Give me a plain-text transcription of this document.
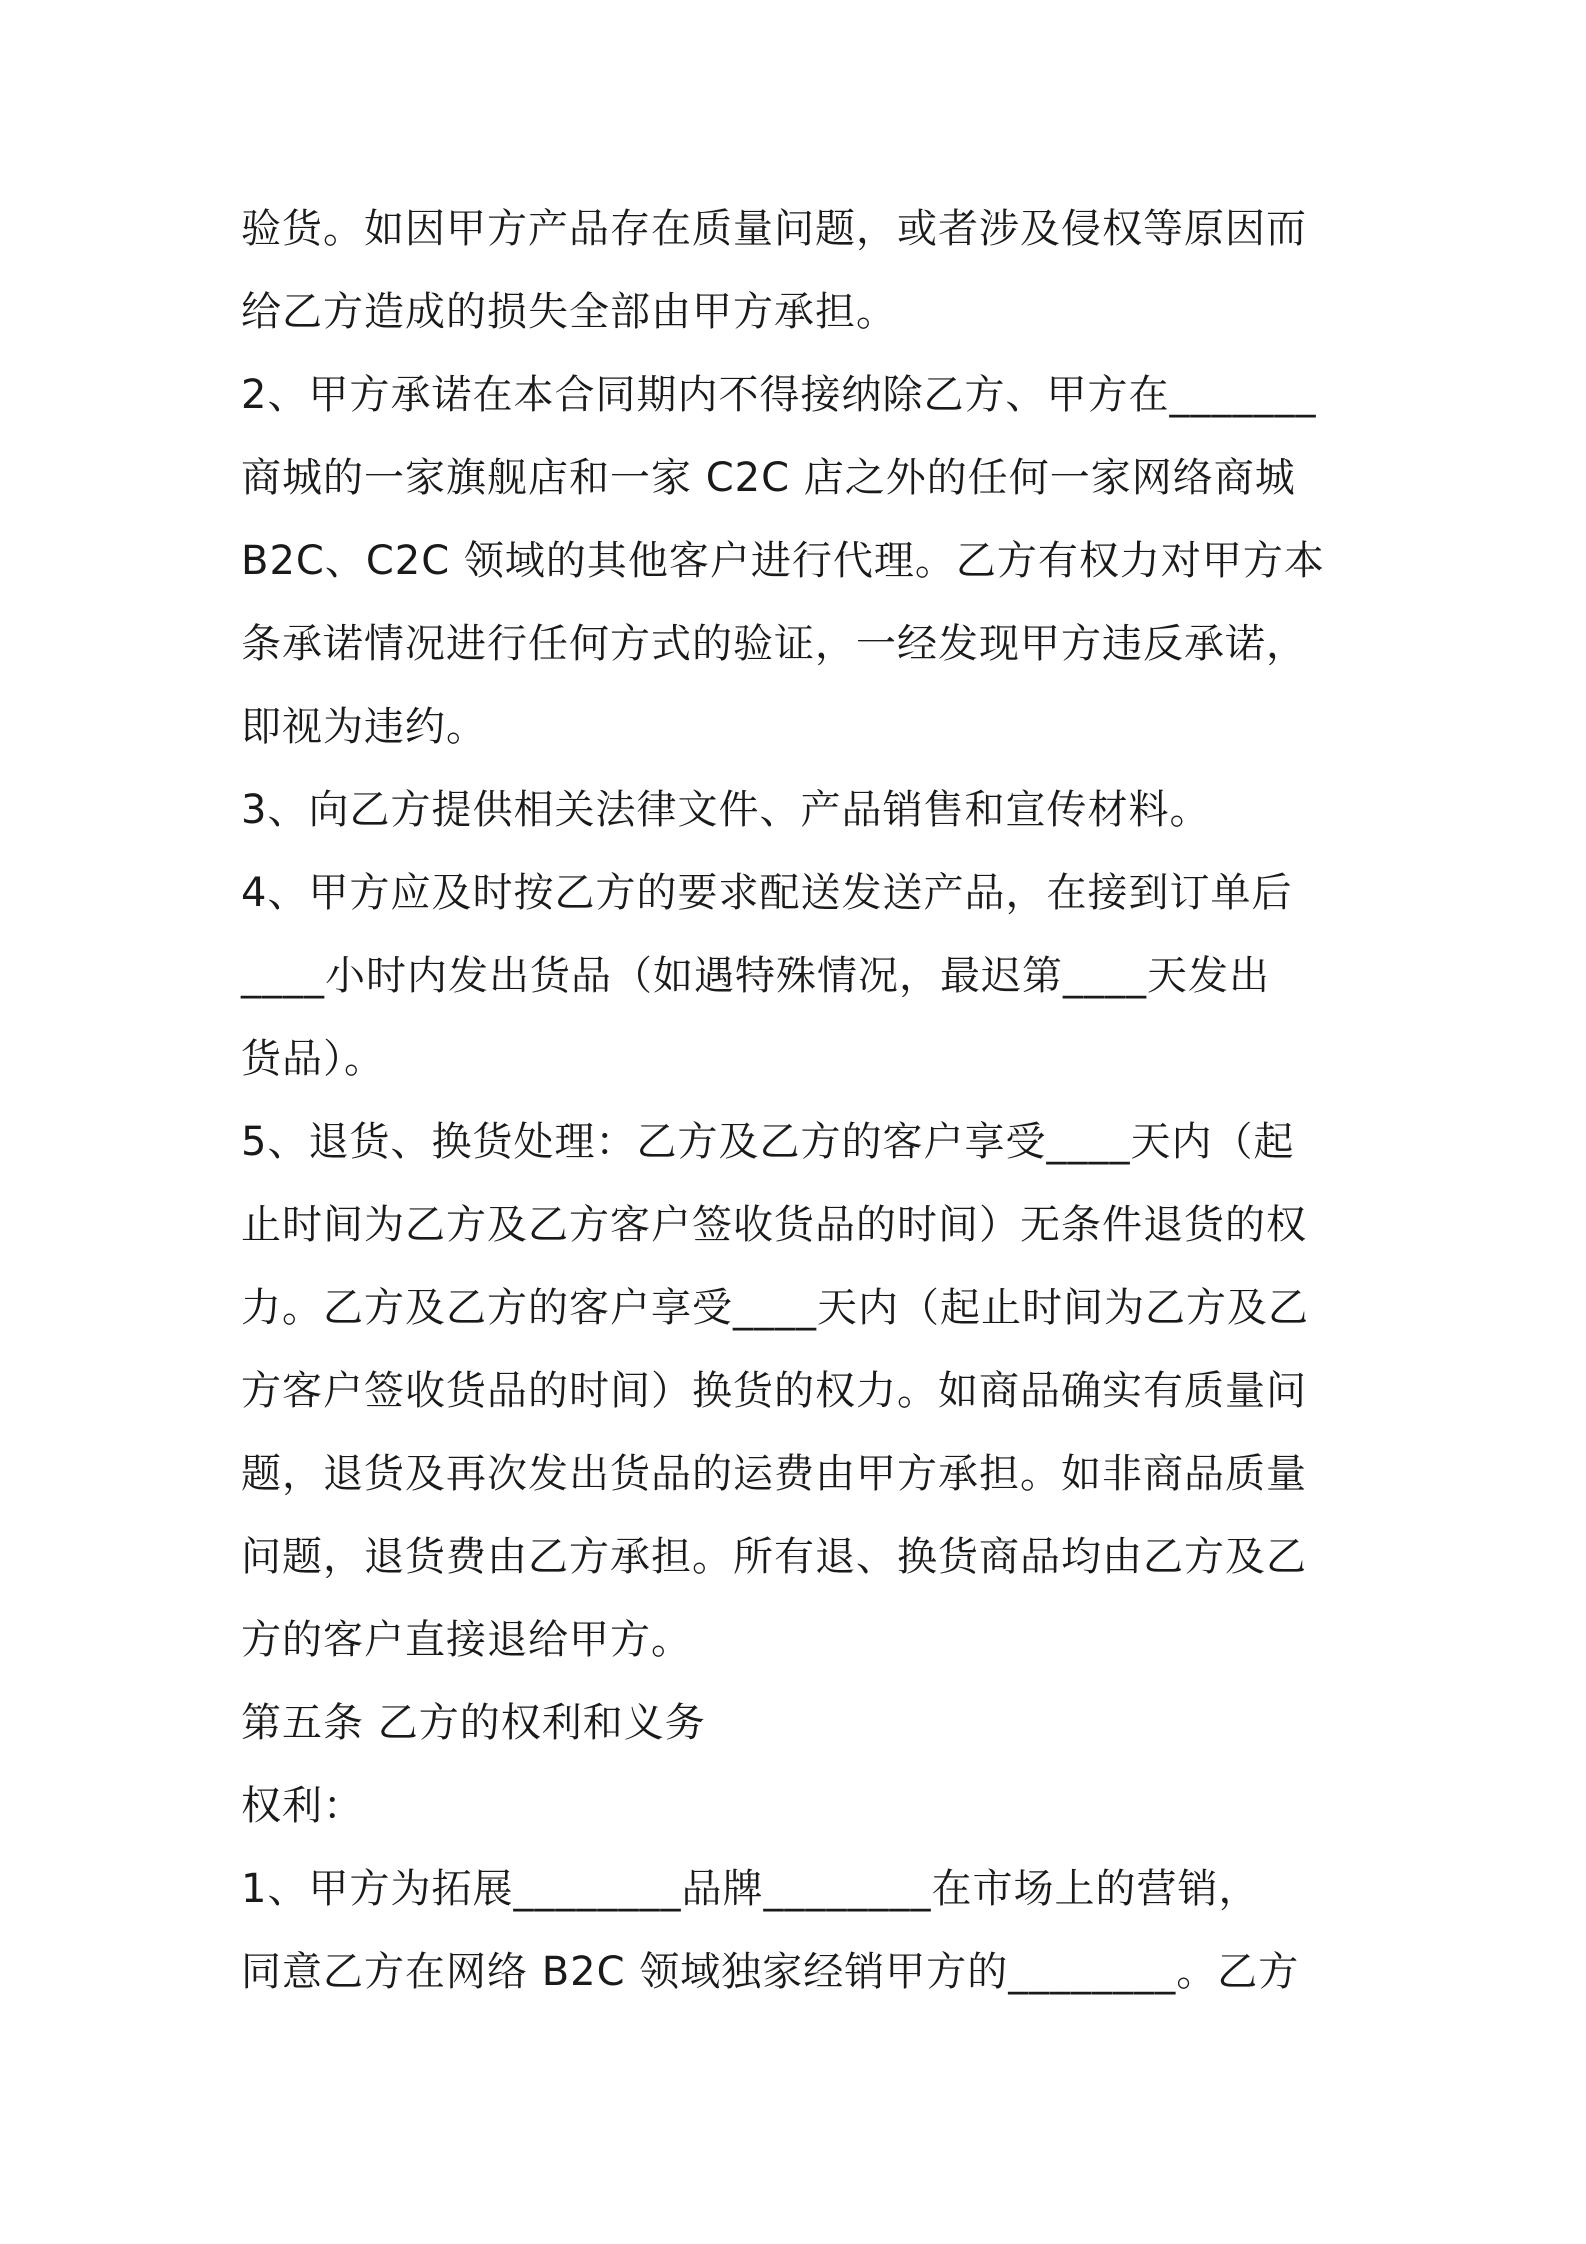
验货。如因甲方产品存在质量问题，或者涉及侵权等原因而
给乙方造成的损失全部由甲方承担。
2、甲方承诺在本合同期内不得接纳除乙方、甲方在_______
商城的一家旗舰店和一家 C2C 店之外的任何一家网络商城
B2C、C2C 领域的其他客户进行代理。乙方有权力对甲方本
条承诺情况进行任何方式的验证，一经发现甲方违反承诺，
即视为违约。
3、向乙方提供相关法律文件、产品销售和宣传材料。
4、甲方应及时按乙方的要求配送发送产品，在接到订单后
____小时内发出货品（如遇特殊情况，最迟第____天发出
货品）。
5、退货、换货处理：乙方及乙方的客户享受____天内（起
止时间为乙方及乙方客户签收货品的时间）无条件退货的权
力。乙方及乙方的客户享受____天内（起止时间为乙方及乙
方客户签收货品的时间）换货的权力。如商品确实有质量问
题，退货及再次发出货品的运费由甲方承担。如非商品质量
问题，退货费由乙方承担。所有退、换货商品均由乙方及乙
方的客户直接退给甲方。
第五条 乙方的权利和义务
权利：
1、甲方为拓展________品牌________在市场上的营销，
同意乙方在网络 B2C 领域独家经销甲方的________。乙方
